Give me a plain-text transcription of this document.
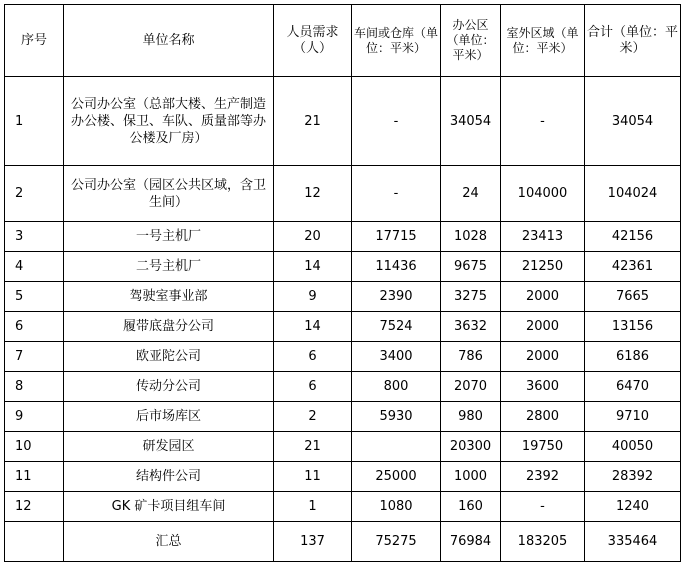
序号	单位名称	人员需求（人）	车间或仓库（单位：平米）	办公区（单位：平米）	室外区域（单位：平米）	合计（单位：平米）
1	公司办公室（总部大楼、生产制造办公楼、保卫、车队、质量部等办公楼及厂房）	21	-	34054	-	34054
2	公司办公室（园区公共区域，含卫生间）	12	-	24	104000	104024
3	一号主机厂	20	17715	1028	23413	42156
4	二号主机厂	14	11436	9675	21250	42361
5	驾驶室事业部	9	2390	3275	2000	7665
6	履带底盘分公司	14	7524	3632	2000	13156
7	欧亚陀公司	6	3400	786	2000	6186
8	传动分公司	6	800	2070	3600	6470
9	后市场库区	2	5930	980	2800	9710
10	研发园区	21		20300	19750	40050
11	结构件公司	11	25000	1000	2392	28392
12	GK 矿卡项目组车间	1	1080	160	-	1240
	汇总	137	75275	76984	183205	335464
